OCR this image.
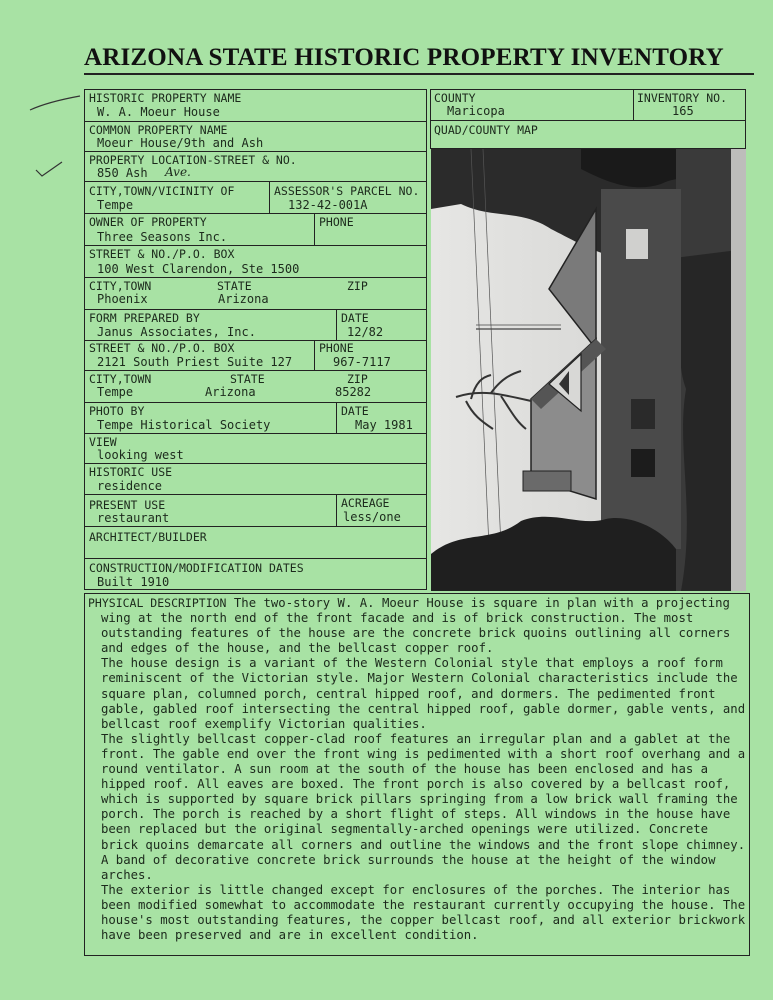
ARIZONA STATE HISTORIC PROPERTY INVENTORY
HISTORIC PROPERTY NAME
W. A. Moeur House
COMMON PROPERTY NAME
Moeur House/9th and Ash
PROPERTY LOCATION-STREET & NO.
850 Ash Ave.
CITY,TOWN/VICINITY OF
Tempe
ASSESSOR'S PARCEL NO.
132-42-001A
OWNER OF PROPERTY
Three Seasons Inc.
PHONE
STREET & NO./P.O. BOX
100 West Clarendon, Ste 1500
CITY,TOWN	STATE	ZIP
Phoenix	Arizona
FORM PREPARED BY
Janus Associates, Inc.
DATE
12/82
STREET & NO./P.O. BOX
2121 South Priest Suite 127
PHONE
967-7117
CITY,TOWN	STATE	ZIP
Tempe	Arizona	85282
PHOTO BY
Tempe Historical Society
DATE
May 1981
VIEW
looking west
HISTORIC USE
residence
PRESENT USE
restaurant
ACREAGE
less/one
ARCHITECT/BUILDER
CONSTRUCTION/MODIFICATION DATES
Built 1910
COUNTY
Maricopa
INVENTORY NO.
165
QUAD/COUNTY MAP

PHYSICAL DESCRIPTION The two-story W. A. Moeur House is square in plan with a projecting wing at the north end of the front facade and is of brick construction. The most outstanding features of the house are the concrete brick quoins outlining all corners and edges of the house, and the bellcast copper roof.

The house design is a variant of the Western Colonial style that employs a roof form reminiscent of the Victorian style. Major Western Colonial characteristics include the square plan, columned porch, central hipped roof, and dormers. The pedimented front gable, gabled roof intersecting the central hipped roof, gable dormer, gable vents, and bellcast roof exemplify Victorian qualities.

The slightly bellcast copper-clad roof features an irregular plan and a gablet at the front. The gable end over the front wing is pedimented with a short roof overhang and a round ventilator. A sun room at the south of the house has been enclosed and has a hipped roof. All eaves are boxed. The front porch is also covered by a bellcast roof, which is supported by square brick pillars springing from a low brick wall framing the porch. The porch is reached by a short flight of steps. All windows in the house have been replaced but the original segmentally-arched openings were utilized. Concrete brick quoins demarcate all corners and outline the windows and the front slope chimney. A band of decorative concrete brick surrounds the house at the height of the window arches.

The exterior is little changed except for enclosures of the porches. The interior has been modified somewhat to accommodate the restaurant currently occupying the house. The house's most outstanding features, the copper bellcast roof, and all exterior brickwork have been preserved and are in excellent condition.
